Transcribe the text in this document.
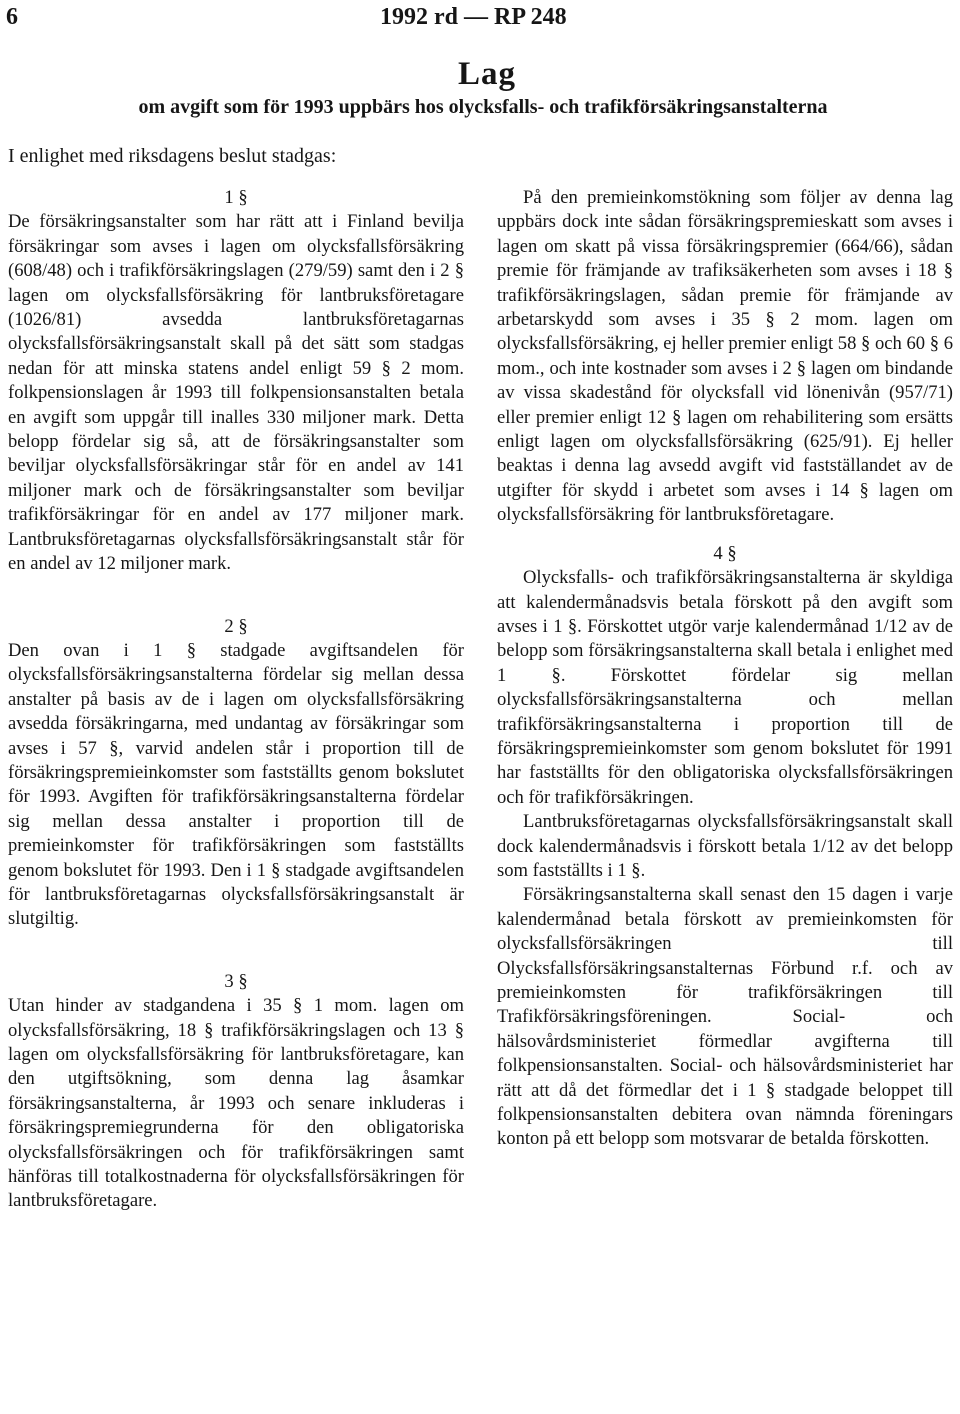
6	1992 rd — RP 248
Lag
om avgift som för 1993 uppbärs hos olycksfalls- och trafikförsäkringsanstalterna
I enlighet med riksdagens beslut stadgas:
1 §

De försäkringsanstalter som har rätt att i Finland bevilja försäkringar som avses i lagen om olycksfallsförsäkring (608/48) och i trafikförsäkringslagen (279/59) samt den i 2 § lagen om olycksfallsförsäkring för lantbruksföretagare (1026/81) avsedda lantbruksföretagarnas olycksfallsförsäkringsanstalt skall på det sätt som stadgas nedan för att minska statens andel enligt 59 § 2 mom. folkpensionslagen år 1993 till folkpensionsanstalten betala en avgift som uppgår till inalles 330 miljoner mark. Detta belopp fördelar sig så, att de försäkringsanstalter som beviljar olycksfallsförsäkringar står för en andel av 141 miljoner mark och de försäkringsanstalter som beviljar trafikförsäkringar för en andel av 177 miljoner mark. Lantbruksföretagarnas olycksfallsförsäkringsanstalt står för en andel av 12 miljoner mark.

2 §

Den ovan i 1 § stadgade avgiftsandelen för olycksfallsförsäkringsanstalterna fördelar sig mellan dessa anstalter på basis av de i lagen om olycksfallsförsäkring avsedda försäkringarna, med undantag av försäkringar som avses i 57 §, varvid andelen står i proportion till de försäkringspremieinkomster som fastställts genom bokslutet för 1993. Avgiften för trafikförsäkringsanstalterna fördelar sig mellan dessa anstalter i proportion till de premieinkomster för trafikförsäkringen som fastställts genom bokslutet för 1993. Den i 1 § stadgade avgiftsandelen för lantbruksföretagarnas olycksfallsförsäkringsanstalt är slutgiltig.

3 §

Utan hinder av stadgandena i 35 § 1 mom. lagen om olycksfallsförsäkring, 18 § trafikförsäkringslagen och 13 § lagen om olycksfallsförsäkring för lantbruksföretagare, kan den utgiftsökning, som denna lag åsamkar försäkringsanstalterna, år 1993 och senare inkluderas i försäkringspremiegrunderna för den obligatoriska olycksfallsförsäkringen och för trafikförsäkringen samt hänföras till totalkostnaderna för olycksfallsförsäkringen för lantbruksföretagare.

På den premieinkomstökning som följer av denna lag uppbärs dock inte sådan försäkringspremieskatt som avses i lagen om skatt på vissa försäkringspremier (664/66), sådan premie för främjande av trafiksäkerheten som avses i 18 § trafikförsäkringslagen, sådan premie för främjande av arbetarskydd som avses i 35 § 2 mom. lagen om olycksfallsförsäkring, ej heller premier enligt 58 § och 60 § 6 mom., och inte kostnader som avses i 2 § lagen om bindande av vissa skadestånd för olycksfall vid lönenivån (957/71) eller premier enligt 12 § lagen om rehabilitering som ersätts enligt lagen om olycksfallsförsäkring (625/91). Ej heller beaktas i denna lag avsedd avgift vid fastställandet av de utgifter för skydd i arbetet som avses i 14 § lagen om olycksfallsförsäkring för lantbruksföretagare.

4 §

Olycksfalls- och trafikförsäkringsanstalterna är skyldiga att kalendermånadsvis betala förskott på den avgift som avses i 1 §. Förskottet utgör varje kalendermånad 1/12 av de belopp som försäkringsanstalterna skall betala i enlighet med 1 §. Förskottet fördelar sig mellan olycksfallsförsäkringsanstalterna och mellan trafikförsäkringsanstalterna i proportion till de försäkringspremieinkomster som genom bokslutet för 1991 har fastställts för den obligatoriska olycksfallsförsäkringen och för trafikförsäkringen.

Lantbruksföretagarnas olycksfallsförsäkringsanstalt skall dock kalendermånadsvis i förskott betala 1/12 av det belopp som fastställts i 1 §.

Försäkringsanstalterna skall senast den 15 dagen i varje kalendermånad betala förskott av premieinkomsten för olycksfallsförsäkringen till Olycksfallsförsäkringsanstalternas Förbund r.f. och av premieinkomsten för trafikförsäkringen till Trafikförsäkringsföreningen. Social- och hälsovårdsministeriet förmedlar avgifterna till folkpensionsanstalten. Social- och hälsovårdsministeriet har rätt att då det förmedlar det i 1 § stadgade beloppet till folkpensionsanstalten debitera ovan nämnda föreningars konton på ett belopp som motsvarar de betalda förskotten.
